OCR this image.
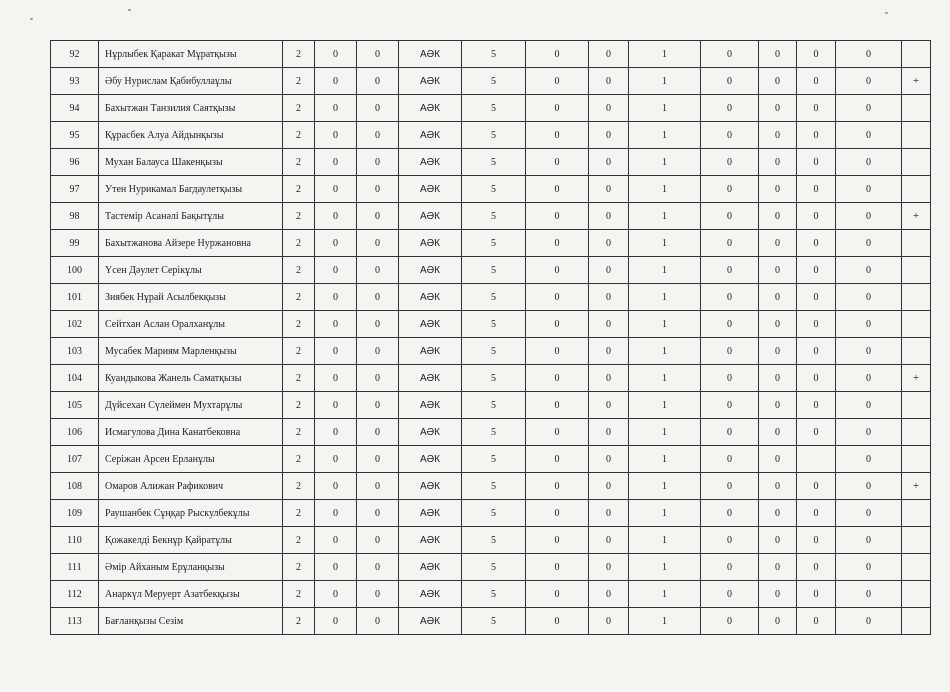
92	Нұрлыбек Қаракат Мұратқызы	2	0	0	АӘК	5	0	0	1	0	0	0	0	
93	Әбу Нурислам Қабибуллаұлы	2	0	0	АӘК	5	0	0	1	0	0	0	0	+
94	Бахытжан Танзилия Саятқызы	2	0	0	АӘК	5	0	0	1	0	0	0	0	
95	Құрасбек Алуа Айдынқызы	2	0	0	АӘК	5	0	0	1	0	0	0	0	
96	Мухан Балауса Шакенқызы	2	0	0	АӘК	5	0	0	1	0	0	0	0	
97	Утен Нурикамал Багдаулетқызы	2	0	0	АӘК	5	0	0	1	0	0	0	0	
98	Тастемір Асанәлі Бақытұлы	2	0	0	АӘК	5	0	0	1	0	0	0	0	+
99	Бахытжанова Айзере Нуржановна	2	0	0	АӘК	5	0	0	1	0	0	0	0	
100	Үсен Дәулет Серікұлы	2	0	0	АӘК	5	0	0	1	0	0	0	0	
101	Зиябек Нұрай Асылбекқызы	2	0	0	АӘК	5	0	0	1	0	0	0	0	
102	Сейтхан Аслан Оралханұлы	2	0	0	АӘК	5	0	0	1	0	0	0	0	
103	Мусабек Мариям Марленқызы	2	0	0	АӘК	5	0	0	1	0	0	0	0	
104	Куандыкова Жанель Саматқызы	2	0	0	АӘК	5	0	0	1	0	0	0	0	+
105	Дүйсехан Сүлеймен Мухтарұлы	2	0	0	АӘК	5	0	0	1	0	0	0	0	
106	Исмагулова Дина Канатбековна	2	0	0	АӘК	5	0	0	1	0	0	0	0	
107	Серіжан Арсен Ерланұлы	2	0	0	АӘК	5	0	0	1	0	0		0	
108	Омаров Алижан Рафикович	2	0	0	АӘК	5	0	0	1	0	0	0	0	+
109	Раушанбек Сұңқар Рыскулбекұлы	2	0	0	АӘК	5	0	0	1	0	0	0	0	
110	Қожакелді Бекнұр Қайратұлы	2	0	0	АӘК	5	0	0	1	0	0	0	0	
111	Әмір Айханым Ерұланқызы	2	0	0	АӘК	5	0	0	1	0	0	0	0	
112	Анаркүл Меруерт Азатбекқызы	2	0	0	АӘК	5	0	0	1	0	0	0	0	
113	Бағланқызы Сезім	2	0	0	АӘК	5	0	0	1	0	0	0	0	
